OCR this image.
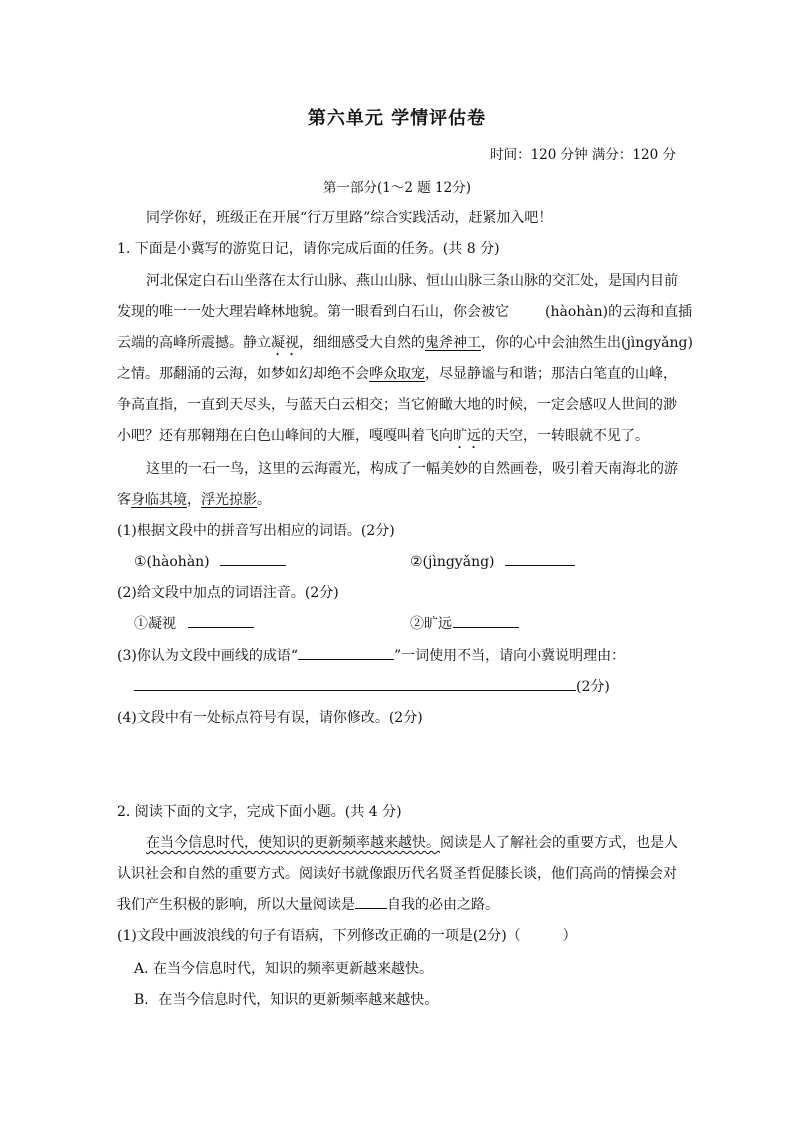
第六单元 学情评估卷
时间：120 分钟 满分：120 分
第一部分(1～2 题 12分)
同学你好，班级正在开展“行万里路”综合实践活动，赶紧加入吧！
1. 下面是小冀写的游览日记，请你完成后面的任务。(共 8 分)
河北保定白石山坐落在太行山脉、燕山山脉、恒山山脉三条山脉的交汇处，是国内目前
发现的唯一一处大理岩峰林地貌。第一眼看到白石山，你会被它	(hàohàn)的云海和直插
云端的高峰所震撼。静立凝视，细细感受大自然的鬼斧神工，你的心中会油然生出(jìngyǎng)
之情。那翻涌的云海，如梦如幻却绝不会哗众取宠，尽显静谧与和谐；那洁白笔直的山峰，
争高直指，一直到天尽头，与蓝天白云相交；当它俯瞰大地的时候，一定会感叹人世间的渺
小吧？还有那翱翔在白色山峰间的大雁，嘎嘎叫着飞向旷远的天空，一转眼就不见了。
这里的一石一鸟，这里的云海霞光，构成了一幅美妙的自然画卷，吸引着天南海北的游
客身临其境，浮光掠影。
(1)根据文段中的拼音写出相应的词语。(2分)
①(hàohàn)	②(jìngyǎng)
(2)给文段中加点的词语注音。(2分)
①凝视	②旷远
(3)你认为文段中画线的成语“	”一词使用不当，请向小冀说明理由：
(2分)
(4)文段中有一处标点符号有误，请你修改。(2分)
2. 阅读下面的文字，完成下面小题。(共 4 分)
在当今信息时代，使知识的更新频率越来越快。阅读是人了解社会的重要方式，也是人
认识社会和自然的重要方式。阅读好书就像跟历代名贤圣哲促膝长谈，他们高尚的情操会对
我们产生积极的影响，所以大量阅读是 自我的必由之路。
(1)文段中画波浪线的句子有语病，下列修改正确的一项是(2分)（　　　）
A. 在当今信息时代，知识的频率更新越来越快。
B．在当今信息时代，知识的更新频率越来越快。
